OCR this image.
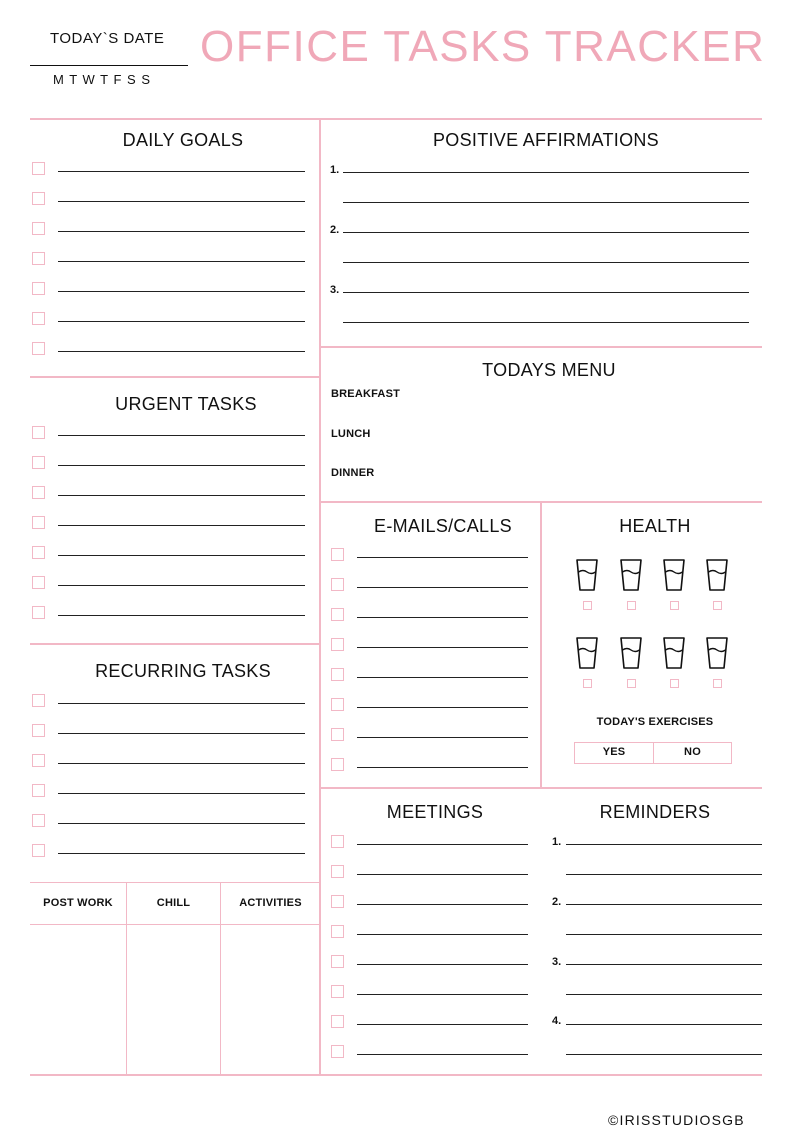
TODAY`S DATE
M T W T F S S
OFFICE TASKS TRACKER
DAILY GOALS
URGENT TASKS
RECURRING TASKS
POST WORK	CHILL	ACTIVITIES
POSITIVE AFFIRMATIONS
1.
2.
3.
TODAYS MENU
BREAKFAST
LUNCH
DINNER
E-MAILS/CALLS	HEALTH
TODAY'S EXERCISES
YES	NO
MEETINGS	REMINDERS
1.
2.
3.
4.
©IRISSTUDIOSGB
